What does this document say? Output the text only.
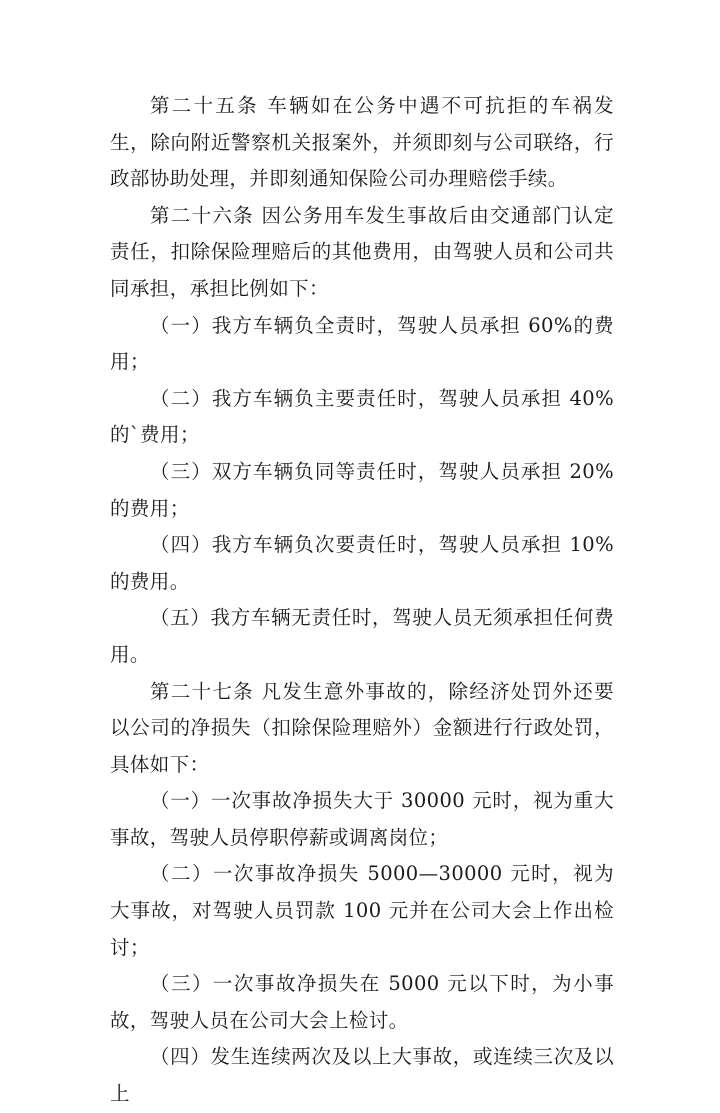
第二十五条 车辆如在公务中遇不可抗拒的车祸发生，除向附近警察机关报案外，并须即刻与公司联络，行政部协助处理，并即刻通知保险公司办理赔偿手续。

第二十六条 因公务用车发生事故后由交通部门认定责任，扣除保险理赔后的其他费用，由驾驶人员和公司共同承担，承担比例如下：

（一）我方车辆负全责时，驾驶人员承担 60%的费用；

（二）我方车辆负主要责任时，驾驶人员承担 40%的`费用；

（三）双方车辆负同等责任时，驾驶人员承担 20%的费用；

（四）我方车辆负次要责任时，驾驶人员承担 10%的费用。

（五）我方车辆无责任时，驾驶人员无须承担任何费用。

第二十七条 凡发生意外事故的，除经济处罚外还要以公司的净损失（扣除保险理赔外）金额进行行政处罚，具体如下：

（一）一次事故净损失大于 30000 元时，视为重大事故，驾驶人员停职停薪或调离岗位；

（二）一次事故净损失 5000—30000 元时，视为大事故，对驾驶人员罚款 100 元并在公司大会上作出检讨；

（三）一次事故净损失在 5000 元以下时，为小事故，驾驶人员在公司大会上检讨。

（四）发生连续两次及以上大事故，或连续三次及以上
